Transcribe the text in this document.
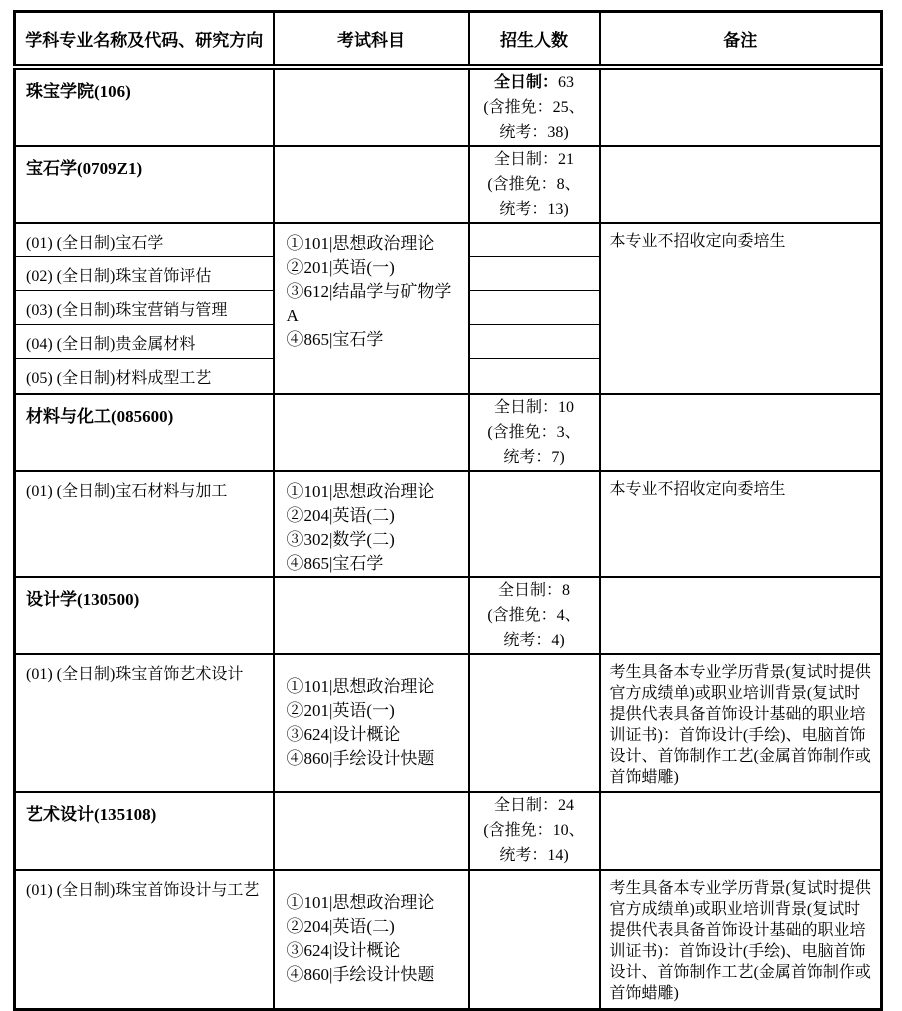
学科专业名称及代码、研究方向	考试科目	招生人数	备注

珠宝学院(106)		全日制：63
(含推免：25、
统考：38)	

宝石学(0709Z1)		全日制：21
(含推免：8、
统考：13)	

(01) (全日制)宝石学	①101|思想政治理论
②201|英语(一)
③612|结晶学与矿物学A
④865|宝石学		本专业不招收定向委培生

(02) (全日制)珠宝首饰评估			

(03) (全日制)珠宝营销与管理			

(04) (全日制)贵金属材料			

(05) (全日制)材料成型工艺			

材料与化工(085600)		全日制：10
(含推免：3、
统考：7)	

(01) (全日制)宝石材料与加工	①101|思想政治理论
②204|英语(二)
③302|数学(二)
④865|宝石学		本专业不招收定向委培生

设计学(130500)		全日制：8
(含推免：4、
统考：4)	

(01) (全日制)珠宝首饰艺术设计	①101|思想政治理论
②201|英语(一)
③624|设计概论
④860|手绘设计快题		考生具备本专业学历背景(复试时提供官方成绩单)或职业培训背景(复试时提供代表具备首饰设计基础的职业培训证书)：首饰设计(手绘)、电脑首饰设计、首饰制作工艺(金属首饰制作或首饰蜡雕)

艺术设计(135108)		全日制：24
(含推免：10、
统考：14)	

(01) (全日制)珠宝首饰设计与工艺	①101|思想政治理论
②204|英语(二)
③624|设计概论
④860|手绘设计快题		考生具备本专业学历背景(复试时提供官方成绩单)或职业培训背景(复试时提供代表具备首饰设计基础的职业培训证书)：首饰设计(手绘)、电脑首饰设计、首饰制作工艺(金属首饰制作或首饰蜡雕)
